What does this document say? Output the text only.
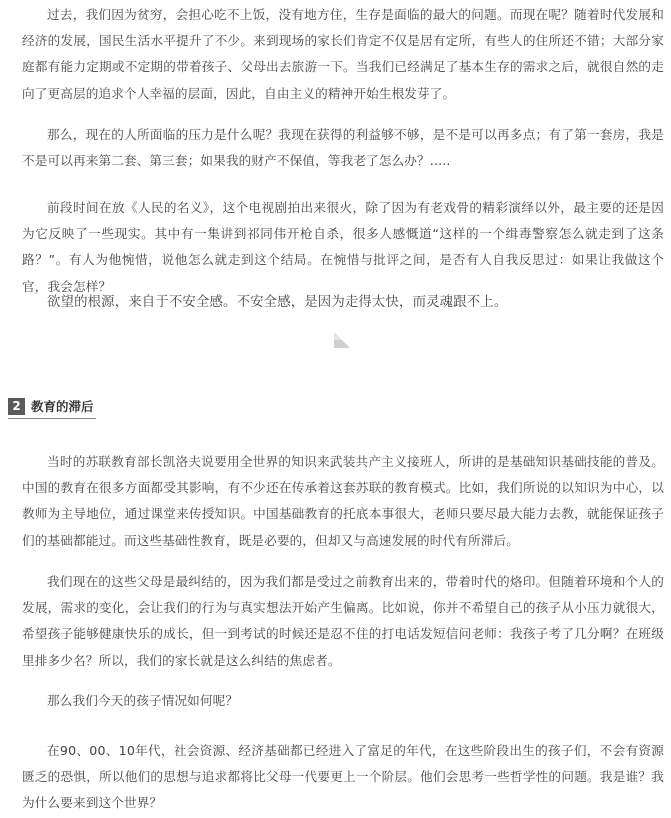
过去，我们因为贫穷，会担心吃不上饭，没有地方住，生存是面临的最大的问题。而现在呢？随着时代发展和经济的发展，国民生活水平提升了不少。来到现场的家长们肯定不仅是居有定所，有些人的住所还不错；大部分家庭都有能力定期或不定期的带着孩子、父母出去旅游一下。当我们已经满足了基本生存的需求之后，就很自然的走向了更高层的追求个人幸福的层面，因此，自由主义的精神开始生根发芽了。

那么，现在的人所面临的压力是什么呢？我现在获得的利益够不够，是不是可以再多点；有了第一套房，我是不是可以再来第二套、第三套；如果我的财产不保值，等我老了怎么办？.....

前段时间在放《人民的名义》，这个电视剧拍出来很火，除了因为有老戏骨的精彩演绎以外，最主要的还是因为它反映了一些现实。其中有一集讲到祁同伟开枪自杀，很多人感慨道“这样的一个缉毒警察怎么就走到了这条路？”。有人为他惋惜，说他怎么就走到这个结局。在惋惜与批评之间，是否有人自我反思过：如果让我做这个官，我会怎样？

欲望的根源，来自于不安全感。不安全感，是因为走得太快，而灵魂跟不上。

2 教育的滞后

当时的苏联教育部长凯洛夫说要用全世界的知识来武装共产主义接班人，所讲的是基础知识基础技能的普及。中国的教育在很多方面都受其影响，有不少还在传承着这套苏联的教育模式。比如，我们所说的以知识为中心，以教师为主导地位，通过课堂来传授知识。中国基础教育的托底本事很大，老师只要尽最大能力去教，就能保证孩子们的基础都能过。而这些基础性教育，既是必要的，但却又与高速发展的时代有所滞后。

我们现在的这些父母是最纠结的，因为我们都是受过之前教育出来的，带着时代的烙印。但随着环境和个人的发展，需求的变化，会让我们的行为与真实想法开始产生偏离。比如说，你并不希望自己的孩子从小压力就很大，希望孩子能够健康快乐的成长，但一到考试的时候还是忍不住的打电话发短信问老师：我孩子考了几分啊？在班级里排多少名？所以，我们的家长就是这么纠结的焦虑者。

那么我们今天的孩子情况如何呢？

在90、00、10年代，社会资源、经济基础都已经进入了富足的年代，在这些阶段出生的孩子们，不会有资源匮乏的恐惧，所以他们的思想与追求都将比父母一代要更上一个阶层。他们会思考一些哲学性的问题。我是谁？我为什么要来到这个世界？
